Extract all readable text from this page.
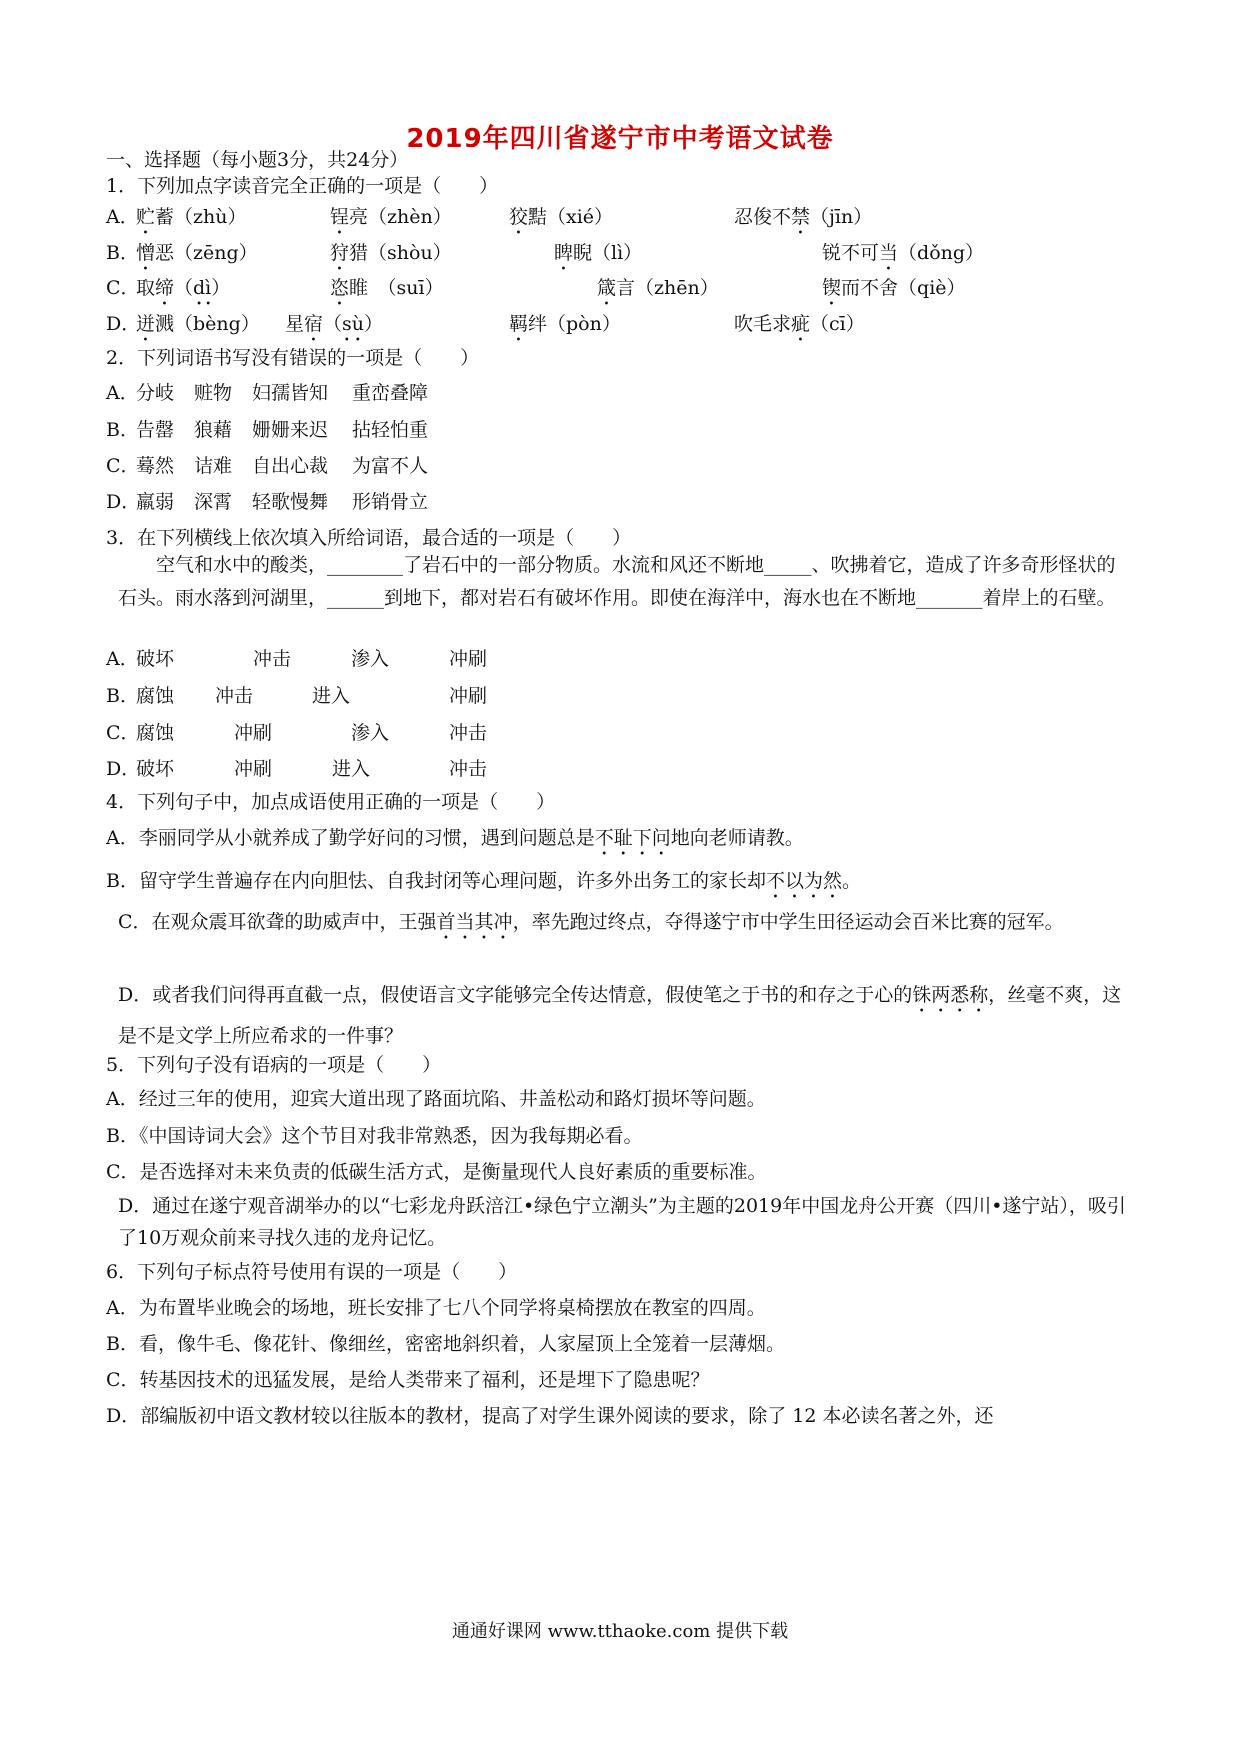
2019年四川省遂宁市中考语文试卷
一、选择题（每小题3分，共24分）
1．下列加点字读音完全正确的一项是（　　）
A．
贮蓄（zhù）	锃亮（zhèn）	狡黠（xié）	忍俊不禁（jīn）
B．
憎恶（zēng）	狩猎（shòu）	睥睨（lì）	锐不可当（dǒng）
C．
取缔（dì）	恣睢　（suī）	箴言（zhēn）	锲而不舍（qiè）
D．
迸溅（bèng） 星宿（sù）	羁绊（pòn）	吹毛求疵（cī）
2．下列词语书写没有错误的一项是（　　）
A．
分岐 赃物 妇孺皆知 重峦叠障
B．
告罄 狼藉 姗姗来迟 拈轻怕重
C．
蓦然 诘难 自出心裁 为富不人
D．
羸弱 深霄 轻歌慢舞 形销骨立
3．在下列横线上依次填入所给词语，最合适的一项是（　　）
空气和水中的酸类，________了岩石中的一部分物质。水流和风还不断地_____、吹拂着它，造成了许多奇形怪状的石头。雨水落到河湖里，______到地下，都对岩石有破坏作用。即使在海洋中，海水也在不断地_______着岸上的石壁。
A．
破坏	冲击	渗入	冲刷
B．
腐蚀 冲击	进入	冲刷
C．
腐蚀	冲刷	渗入	冲击
D．
破坏	冲刷	进入	冲击
4．下列句子中，加点成语使用正确的一项是（　　）
A．李丽同学从小就养成了勤学好问的习惯，遇到问题总是不耻下问地向老师请教。
B．留守学生普遍存在内向胆怯、自我封闭等心理问题，许多外出务工的家长却不以为然。
C．在观众震耳欲聋的助威声中，王强首当其冲，率先跑过终点，夺得遂宁市中学生田径运动会百米比赛的冠军。
D．或者我们问得再直截一点，假使语言文字能够完全传达情意，假使笔之于书的和存之于心的铢两悉称，丝毫不爽，这是不是文学上所应希求的一件事？
5．下列句子没有语病的一项是（　　）
A．经过三年的使用，迎宾大道出现了路面坑陷、井盖松动和路灯损坏等问题。
B．《中国诗词大会》这个节目对我非常熟悉，因为我每期必看。
C．是否选择对未来负责的低碳生活方式，是衡量现代人良好素质的重要标准。
D．通过在遂宁观音湖举办的以“七彩龙舟跃涪江•绿色宁立潮头”为主题的2019年中国龙舟公开赛（四川•遂宁站），吸引了10万观众前来寻找久违的龙舟记忆。
6．下列句子标点符号使用有误的一项是（　　）
A．为布置毕业晚会的场地，班长安排了七八个同学将桌椅摆放在教室的四周。
B．看，像牛毛、像花针、像细丝，密密地斜织着，人家屋顶上全笼着一层薄烟。
C．转基因技术的迅猛发展，是给人类带来了福利，还是埋下了隐患呢？
D．部编版初中语文教材较以往版本的教材，提高了对学生课外阅读的要求，除了 12 本必读名著之外，还
通通好课网 www.tthaoke.com 提供下载
